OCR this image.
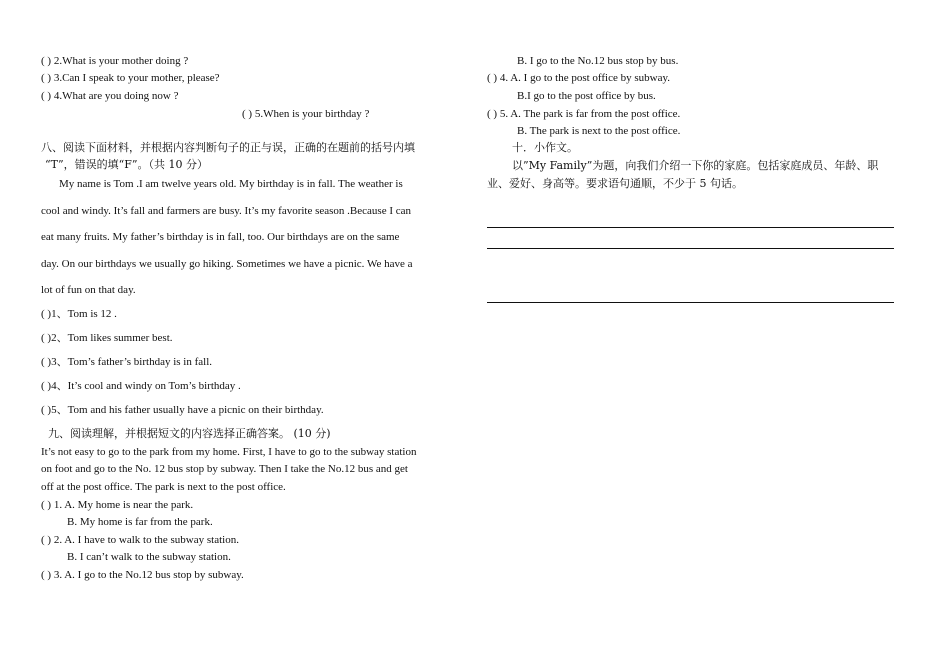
( ) 2.What is your mother doing ?
( ) 3.Can I speak to your mother, please?
( ) 4.What are you doing now ?
( ) 5.When is your birthday ?
八、阅读下面材料，并根据内容判断句子的正与误，正确的在题前的括号内填
“T”，错误的填“F”。（共 10 分）
My name is Tom .I am twelve years old. My birthday is in fall. The weather is
cool and windy. It’s fall and farmers are busy. It’s my favorite season .Because I can
eat many fruits. My father’s birthday is in fall, too. Our birthdays are on the same
day. On our birthdays we usually go hiking. Sometimes we have a picnic. We have a
lot of fun on that day.
( )1、Tom is 12 .
( )2、Tom likes summer best.
( )3、Tom’s father’s birthday is in fall.
( )4、It’s cool and windy on Tom’s birthday .
( )5、Tom and his father usually have a picnic on their birthday.
九、阅读理解，并根据短文的内容选择正确答案。 (10 分)
It’s not easy to go to the park from my home. First, I have to go to the subway station
on foot and go to the No. 12 bus stop by subway. Then I take the No.12 bus and get
off at the post office. The park is next to the post office.
( ) 1. A. My home is near the park.
B. My home is far from the park.
( ) 2. A. I have to walk to the subway station.
B. I can’t walk to the subway station.
( ) 3. A. I go to the No.12 bus stop by subway.
B. I go to the No.12 bus stop by bus.
( ) 4. A. I go to the post office by subway.
B.I go to the post office by bus.
( ) 5. A. The park is far from the post office.
B. The park is next to the post office.
十．小作文。
以”My Family”为题，向我们介绍一下你的家庭。包括家庭成员、年龄、职
业、爱好、身高等。要求语句通顺，不少于 5 句话。
